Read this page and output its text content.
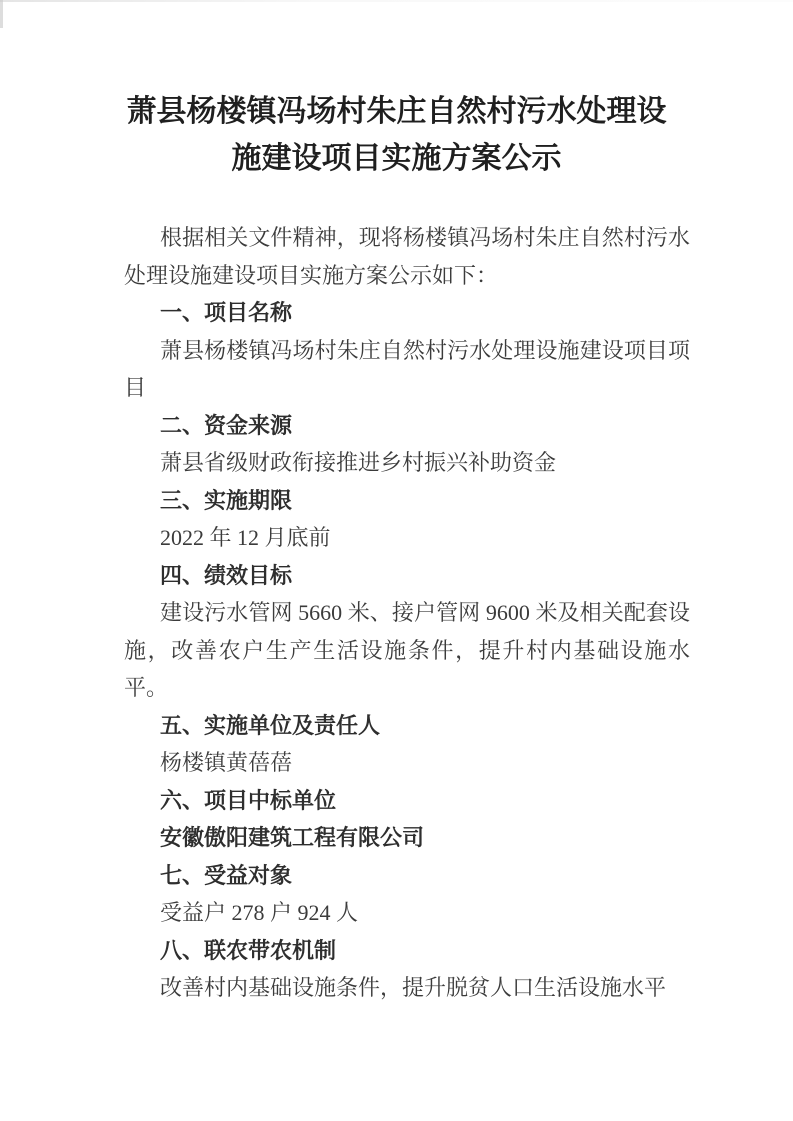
萧县杨楼镇冯场村朱庄自然村污水处理设施建设项目实施方案公示

根据相关文件精神，现将杨楼镇冯场村朱庄自然村污水处理设施建设项目实施方案公示如下：

一、项目名称

萧县杨楼镇冯场村朱庄自然村污水处理设施建设项目项目

二、资金来源

萧县省级财政衔接推进乡村振兴补助资金

三、实施期限

2022 年 12 月底前

四、绩效目标

建设污水管网 5660 米、接户管网 9600 米及相关配套设施，改善农户生产生活设施条件，提升村内基础设施水平。

五、实施单位及责任人

杨楼镇黄蓓蓓

六、项目中标单位

安徽傲阳建筑工程有限公司

七、受益对象

受益户 278 户 924 人

八、联农带农机制

改善村内基础设施条件，提升脱贫人口生活设施水平
